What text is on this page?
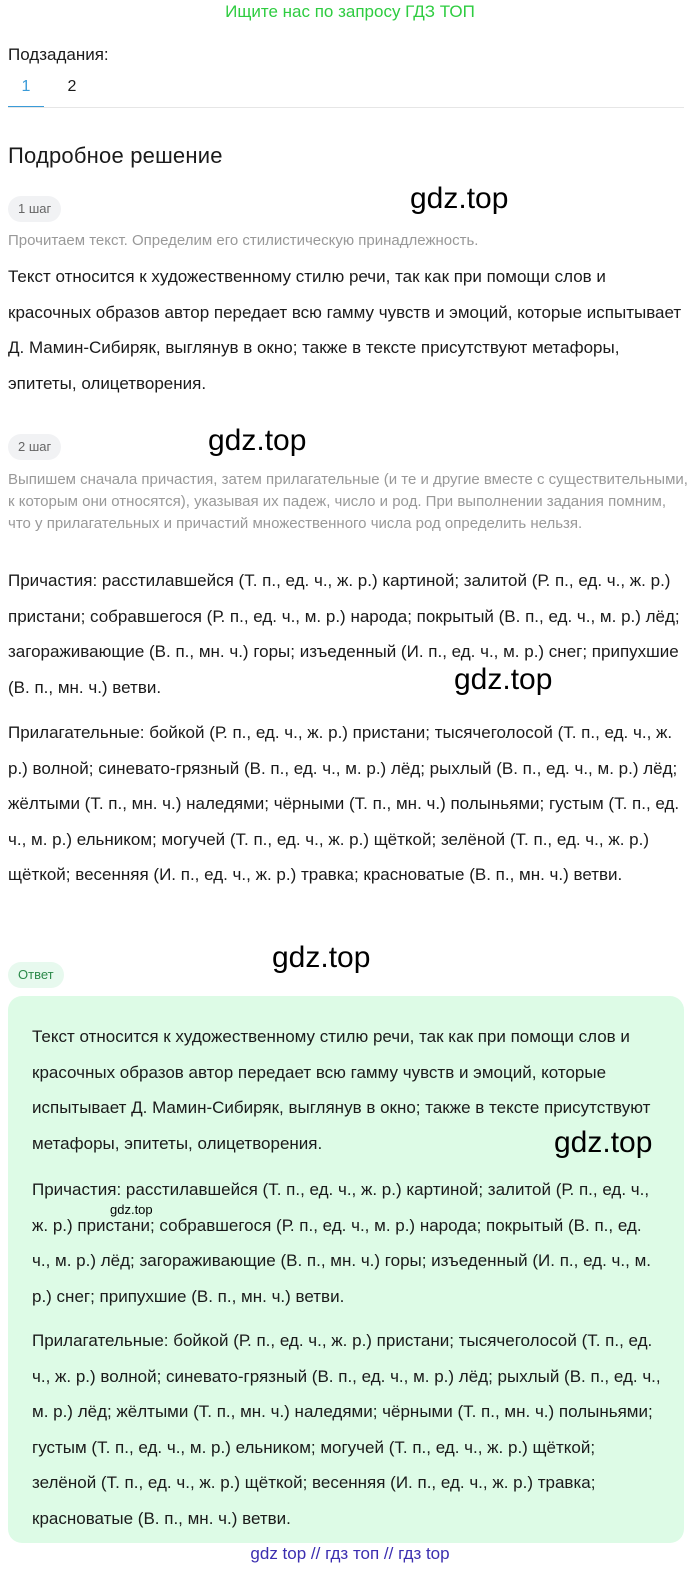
Ищите нас по запросу ГДЗ ТОП
Подзадания:
1	2
Подробное решение
1 шаг	gdz.top
Прочитаем текст. Определим его стилистическую принадлежность.
Текст относится к художественному стилю речи, так как при помощи слов и красочных образов автор передает всю гамму чувств и эмоций, которые испытывает Д. Мамин-Сибиряк, выглянув в окно; также в тексте присутствуют метафоры, эпитеты, олицетворения.
2 шаг	gdz.top
Выпишем сначала причастия, затем прилагательные (и те и другие вместе с существительными, к которым они относятся), указывая их падеж, число и род. При выполнении задания помним, что у прилагательных и причастий множественного числа род определить нельзя.
Причастия: расстилавшейся (Т. п., ед. ч., ж. р.) картиной; залитой (Р. п., ед. ч., ж. р.) пристани; собравшегося (Р. п., ед. ч., м. р.) народа; покрытый (В. п., ед. ч., м. р.) лёд; загораживающие (В. п., мн. ч.) горы; изъеденный (И. п., ед. ч., м. р.) снег; припухшие (В. п., мн. ч.) ветви.	gdz.top
Прилагательные: бойкой (Р. п., ед. ч., ж. р.) пристани; тысячеголосой (Т. п., ед. ч., ж. р.) волной; синевато-грязный (В. п., ед. ч., м. р.) лёд; рыхлый (В. п., ед. ч., м. р.) лёд; жёлтыми (Т. п., мн. ч.) наледями; чёрными (Т. п., мн. ч.) полыньями; густым (Т. п., ед. ч., м. р.) ельником; могучей (Т. п., ед. ч., ж. р.) щёткой; зелёной (Т. п., ед. ч., ж. р.) щёткой; весенняя (И. п., ед. ч., ж. р.) травка; красноватые (В. п., мн. ч.) ветви.
Ответ
gdz.top
Текст относится к художественному стилю речи, так как при помощи слов и красочных образов автор передает всю гамму чувств и эмоций, которые испытывает Д. Мамин-Сибиряк, выглянув в окно; также в тексте присутствуют метафоры, эпитеты, олицетворения.	gdz.top
Причастия: расстилавшейся (Т. п., ед. ч., ж. р.) картиной; залитой (Р. п., ед. ч., ж. р.) пристани; собравшегося (Р. п., ед. ч., м. р.) народа; покрытый (В. п., ед. ч., м. р.) лёд; загораживающие (В. п., мн. ч.) горы; изъеденный (И. п., ед. ч., м. р.) снег; припухшие (В. п., мн. ч.) ветви.
gdz.top
Прилагательные: бойкой (Р. п., ед. ч., ж. р.) пристани; тысячеголосой (Т. п., ед. ч., ж. р.) волной; синевато-грязный (В. п., ед. ч., м. р.) лёд; рыхлый (В. п., ед. ч., м. р.) лёд; жёлтыми (Т. п., мн. ч.) наледями; чёрными (Т. п., мн. ч.) полыньями; густым (Т. п., ед. ч., м. р.) ельником; могучей (Т. п., ед. ч., ж. р.) щёткой; зелёной (Т. п., ед. ч., ж. р.) щёткой; весенняя (И. п., ед. ч., ж. р.) травка; красноватые (В. п., мн. ч.) ветви.
gdz top // гдз топ // гдз top
